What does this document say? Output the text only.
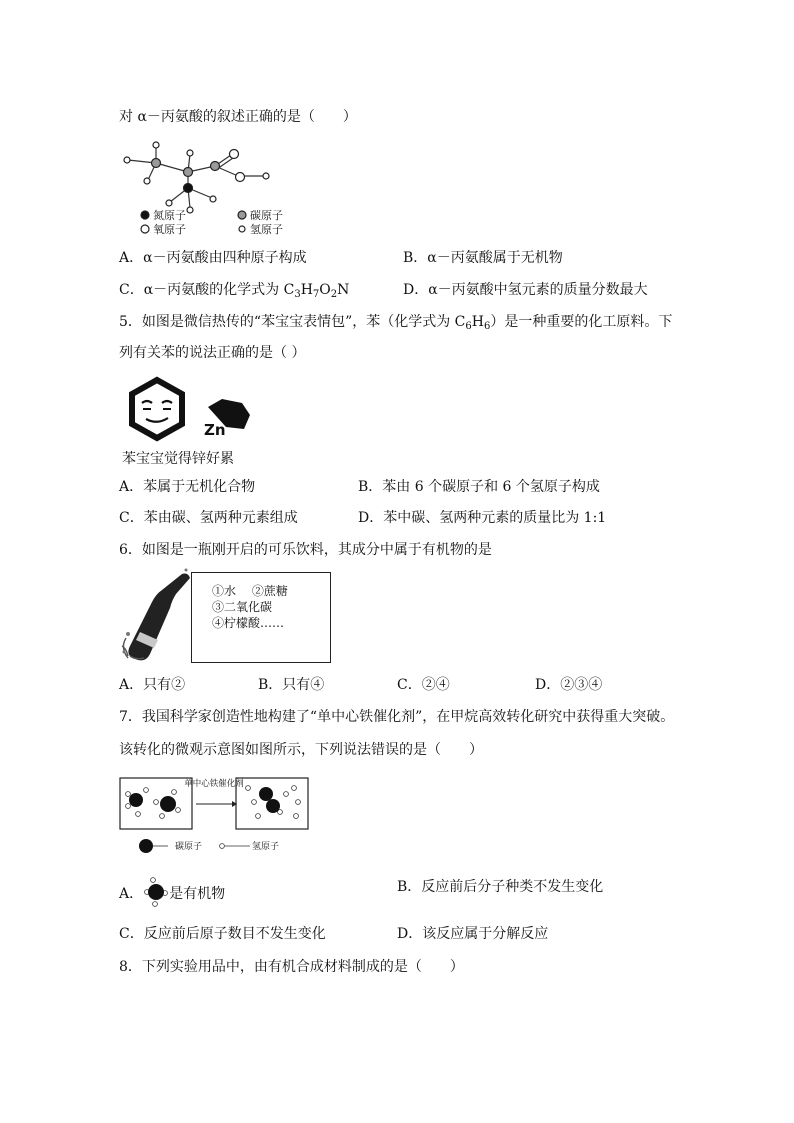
对 α－丙氨酸的叙述正确的是（　　）
氮原子	碳原子
氧原子	氢原子
A．α－丙氨酸由四种原子构成	B．α－丙氨酸属于无机物
C．α－丙氨酸的化学式为 $C_3H_7O_2N$	D．α－丙氨酸中氢元素的质量分数最大
5．如图是微信热传的“苯宝宝表情包”，苯（化学式为 $C_6H_6$）是一种重要的化工原料。下
列有关苯的说法正确的是（ ）
Zn
苯宝宝觉得锌好累
A．苯属于无机化合物	B．苯由 6 个碳原子和 6 个氢原子构成
C．苯由碳、氢两种元素组成	D．苯中碳、氢两种元素的质量比为 1:1
6．如图是一瓶刚开启的可乐饮料，其成分中属于有机物的是
①水　 ②蔗糖
③二氧化碳
④柠檬酸……
A．只有②	B．只有④	C．②④	D．②③④
7．我国科学家创造性地构建了“单中心铁催化剂”，在甲烷高效转化研究中获得重大突破。
该转化的微观示意图如图所示，下列说法错误的是（　　）
单中心铁催化剂
碳原子	氢原子
A． 是有机物	B．反应前后分子种类不发生变化
C．反应前后原子数目不发生变化	D．该反应属于分解反应
8．下列实验用品中，由有机合成材料制成的是（　　）
